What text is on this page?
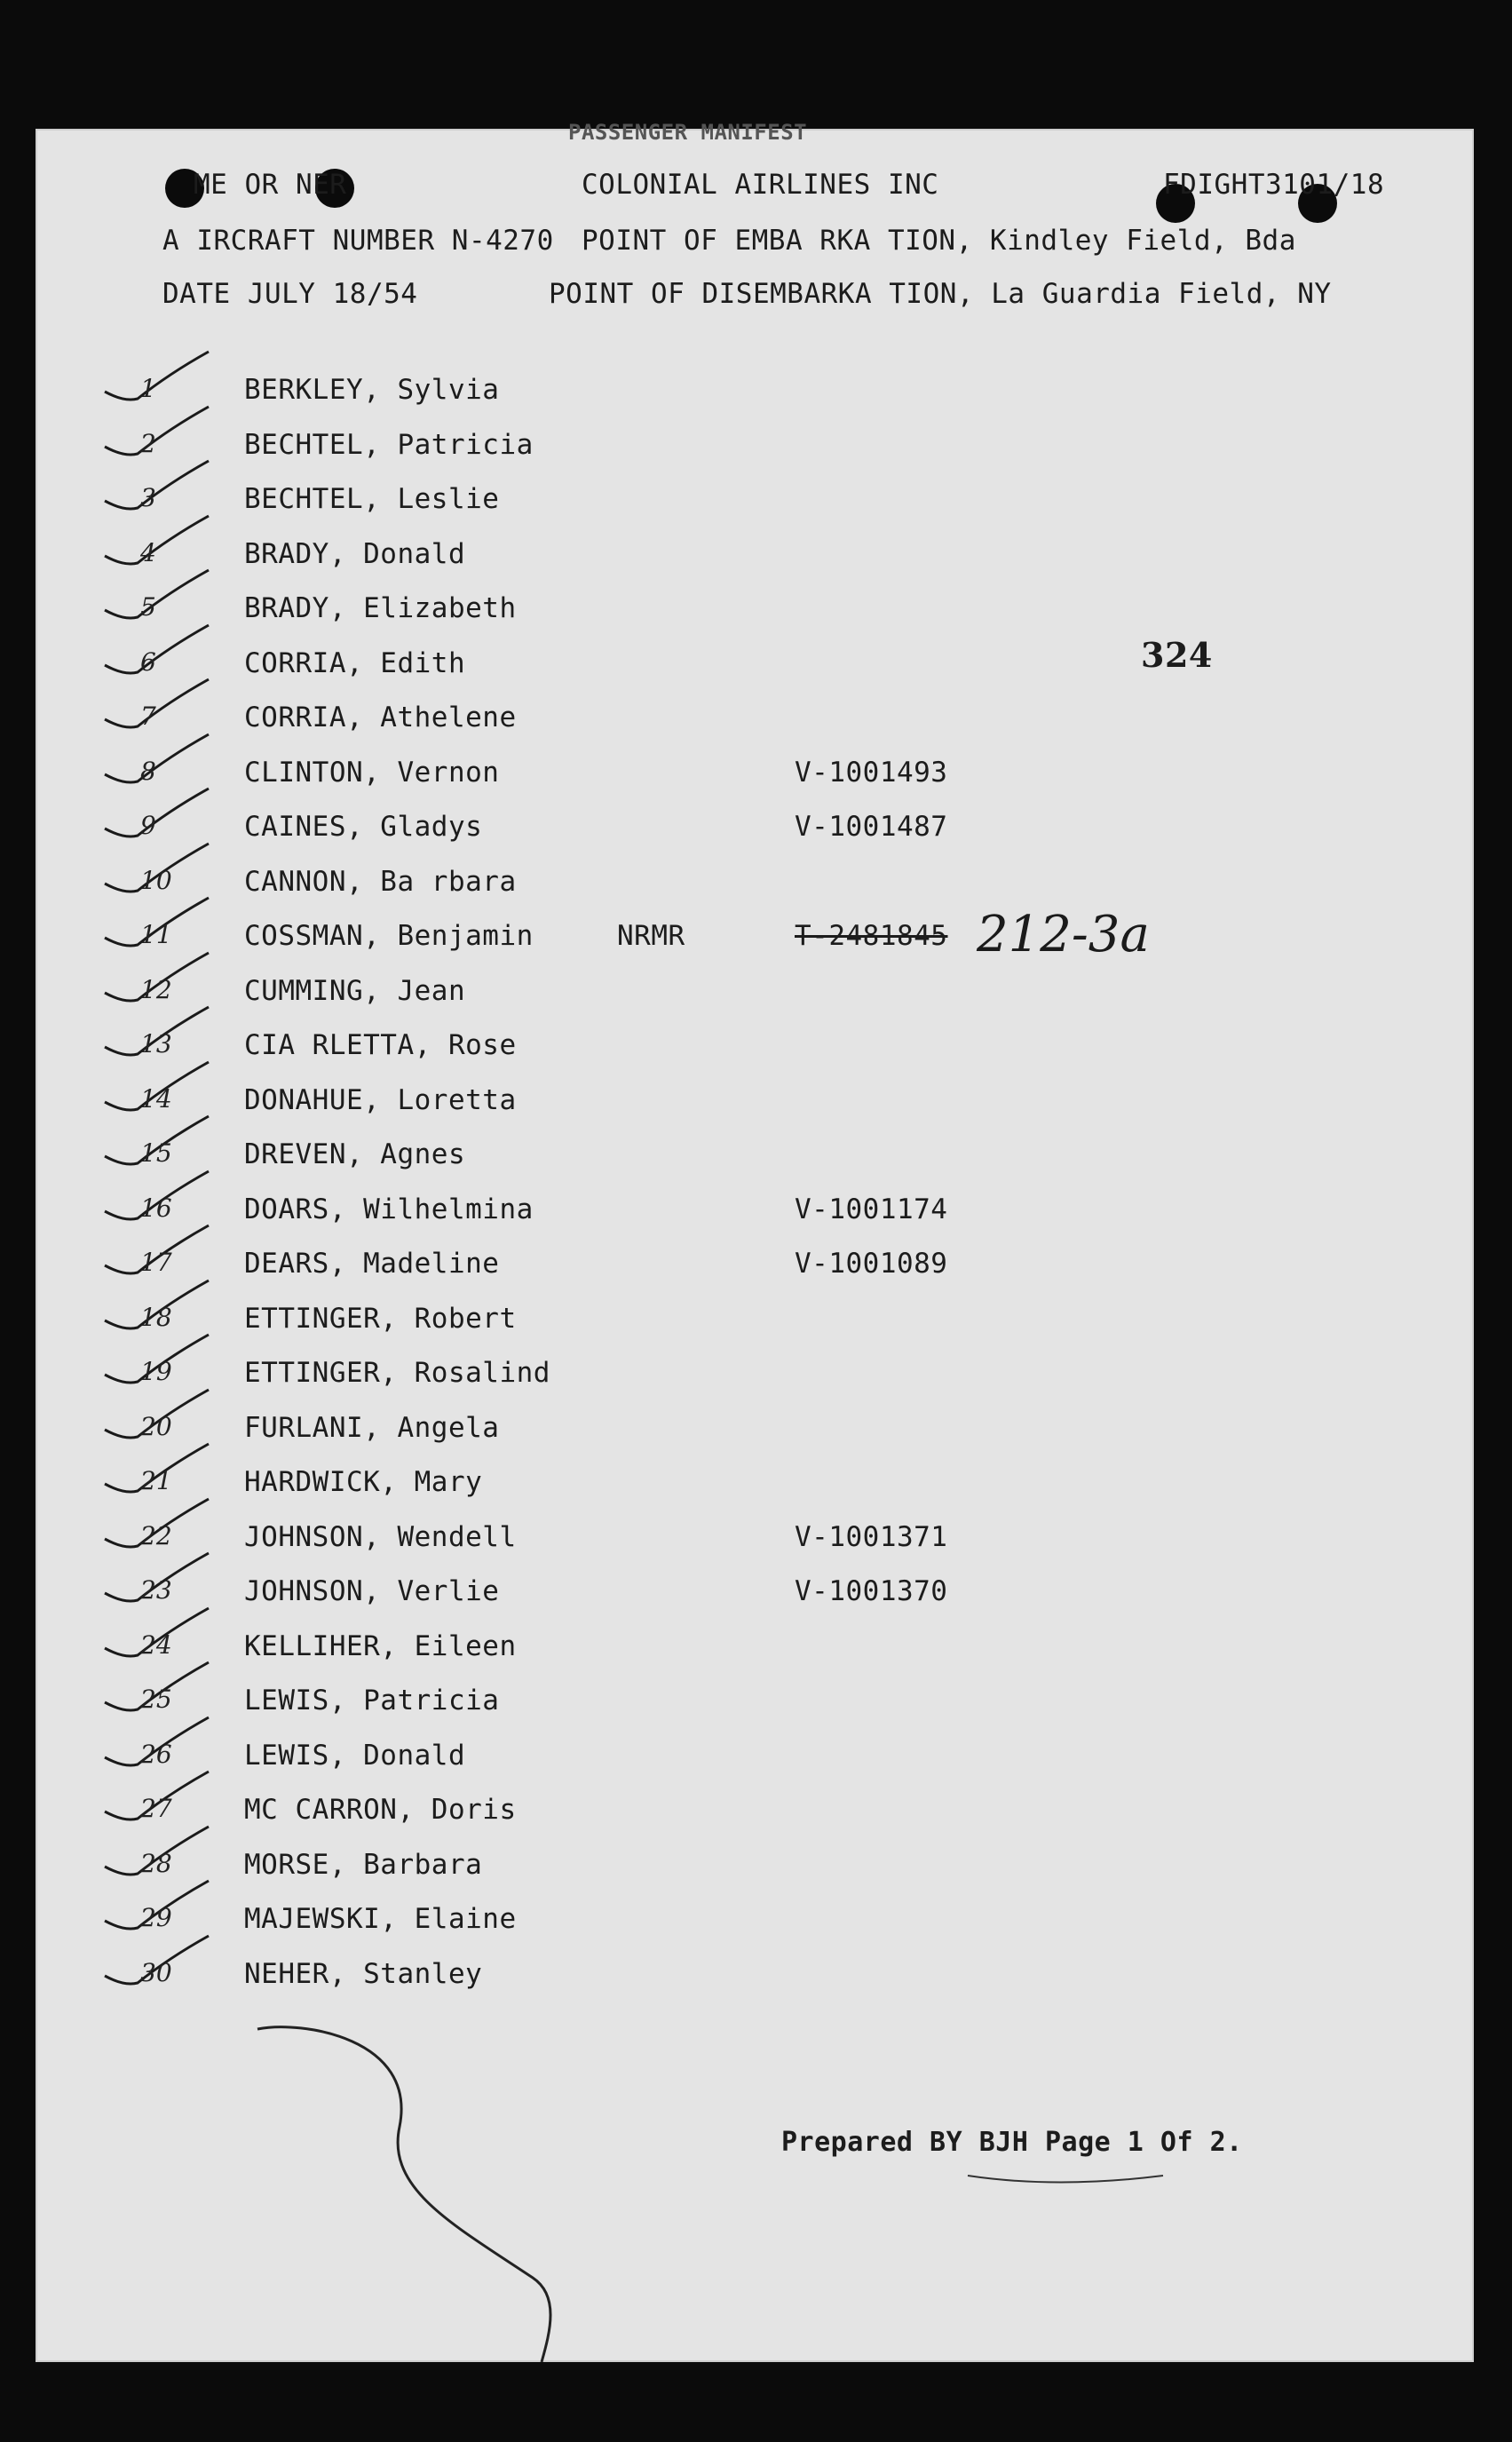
PASSENGER MANIFEST
ME OR NER	COLONIAL AIRLINES INC	FDIGHT3101/18
A IRCRAFT NUMBER N-4270 POINT OF EMBA RKA TION, Kindley Field, Bda
DATE JULY 18/54	POINT OF DISEMBARKA TION, La Guardia Field, NY
324
1	BERKLEY, Sylvia
2	BECHTEL, Patricia
3	BECHTEL, Leslie
4	BRADY, Donald
5	BRADY, Elizabeth
6	CORRIA, Edith
7	CORRIA, Athelene
8	CLINTON, Vernon	V-1001493
9	CAINES, Gladys	V-1001487
10	CANNON, Ba rbara
11	COSSMAN, Benjamin	NRMR	T-2481845 212-3a
12	CUMMING, Jean
13	CIA RLETTA, Rose
14	DONAHUE, Loretta
15	DREVEN, Agnes
16	DOARS, Wilhelmina	V-1001174
17	DEARS, Madeline	V-1001089
18	ETTINGER, Robert
19	ETTINGER, Rosalind
20	FURLANI, Angela
21	HARDWICK, Mary
22	JOHNSON, Wendell	V-1001371
23	JOHNSON, Verlie	V-1001370
24	KELLIHER, Eileen
25	LEWIS, Patricia
26	LEWIS, Donald
27	MC CARRON, Doris
28	MORSE, Barbara
29	MAJEWSKI, Elaine
30	NEHER, Stanley
Prepared BY BJH Page 1 Of 2.
